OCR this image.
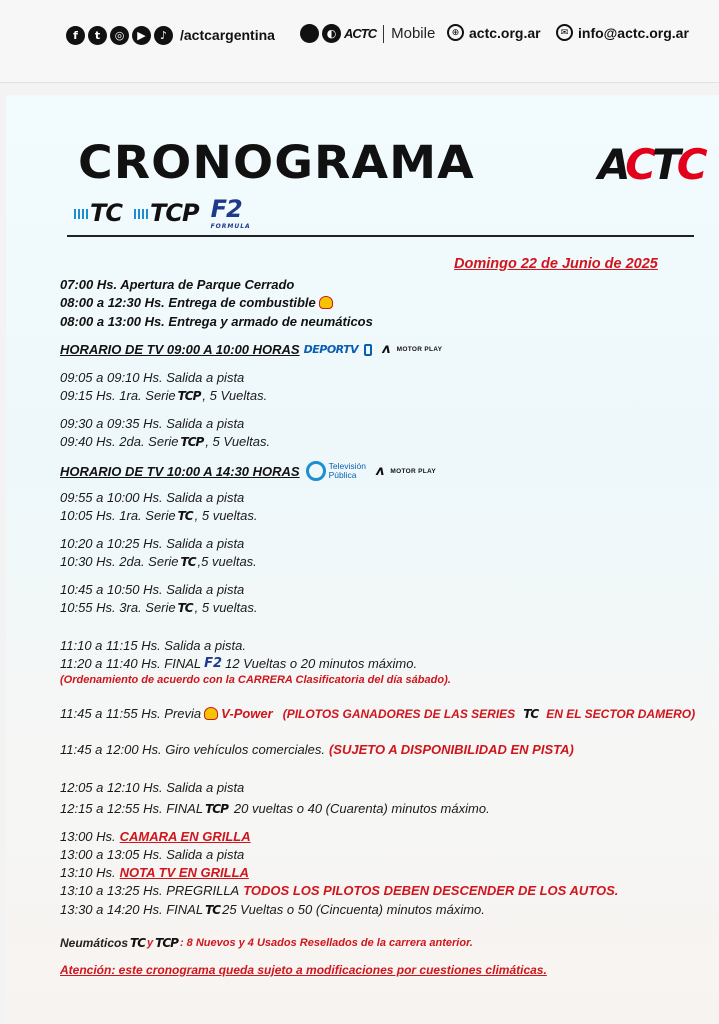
f	t	◎	▶	♪ /actcargentina	◐ ACTC Mobile	⊕ actc.org.ar	✉ info@actc.org.ar
CRONOGRAMA	ACTC
TC	TCP F2
FORMULA
Domingo 22 de Junio de 2025
07:00 Hs. Apertura de Parque Cerrado
08:00 a 12:30 Hs. Entrega de combustible
08:00 a 13:00 Hs. Entrega y armado de neumáticos
HORARIO DE TV 09:00 A 10:00 HORAS DEPORTV ᴧ MOTOR PLAY
09:05 a 09:10 Hs. Salida a pista
09:15 Hs. 1ra. Serie TCP , 5 Vueltas.
09:30 a 09:35 Hs. Salida a pista
09:40 Hs. 2da. Serie TCP , 5 Vueltas.
HORARIO DE TV 10:00 A 14:30 HORAS	Televisión
Pública	ᴧ MOTOR PLAY
09:55 a 10:00 Hs. Salida a pista
10:05 Hs. 1ra. Serie TC , 5 vueltas.
10:20 a 10:25 Hs. Salida a pista
10:30 Hs. 2da. Serie TC ,5 vueltas.
10:45 a 10:50 Hs. Salida a pista
10:55 Hs. 3ra. Serie TC , 5 vueltas.
11:10 a 11:15 Hs. Salida a pista.
11:20 a 11:40 Hs. FINAL F2 12 Vueltas o 20 minutos máximo.
(Ordenamiento de acuerdo con la CARRERA Clasificatoria del día sábado).
11:45 a 11:55 Hs. Previa V-Power (PILOTOS GANADORES DE LAS SERIES TC EN EL SECTOR DAMERO)
11:45 a 12:00 Hs. Giro vehículos comerciales. (SUJETO A DISPONIBILIDAD EN PISTA)
12:05 a 12:10 Hs. Salida a pista
12:15 a 12:55 Hs. FINAL TCP 20 vueltas o 40 (Cuarenta) minutos máximo.
13:00 Hs. CAMARA EN GRILLA
13:00 a 13:05 Hs. Salida a pista
13:10 Hs. NOTA TV EN GRILLA
13:10 a 13:25 Hs. PREGRILLA TODOS LOS PILOTOS DEBEN DESCENDER DE LOS AUTOS.
13:30 a 14:20 Hs. FINAL TC 25 Vueltas o 50 (Cincuenta) minutos máximo.
Neumáticos TC y TCP : 8 Nuevos y 4 Usados Resellados de la carrera anterior.
Atención: este cronograma queda sujeto a modificaciones por cuestiones climáticas.
